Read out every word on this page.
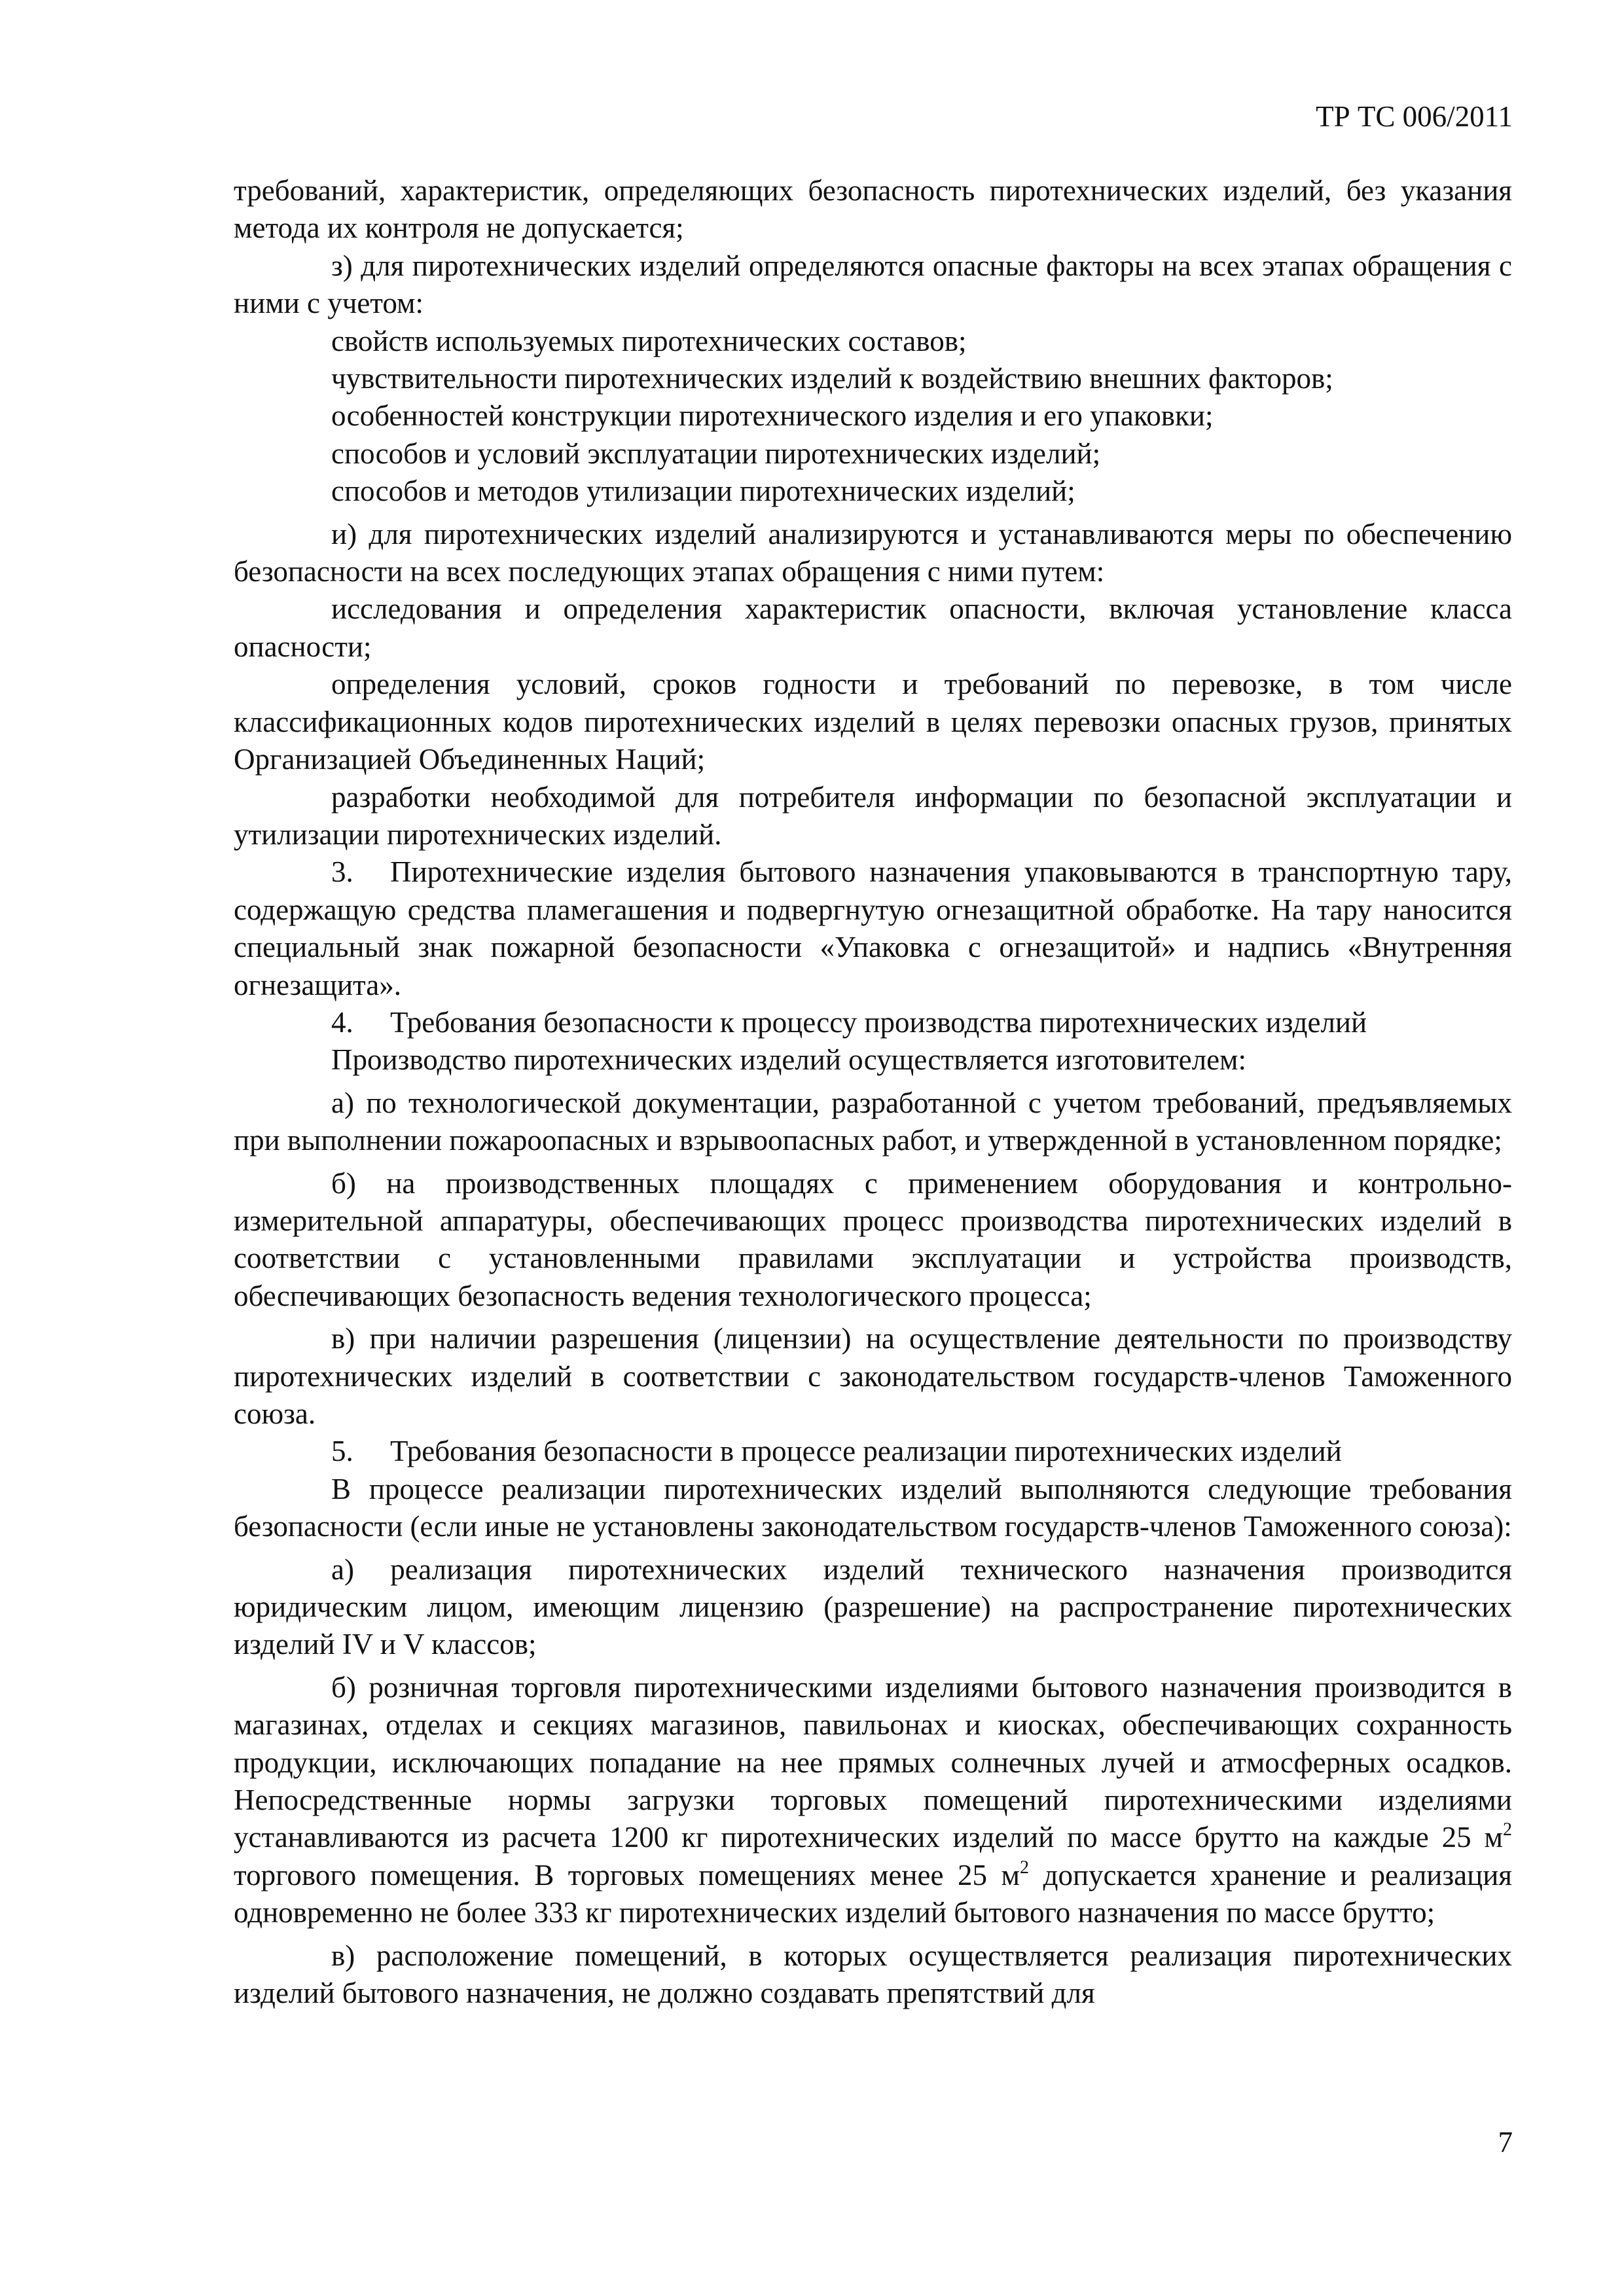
ТР ТС 006/2011

требований, характеристик, определяющих безопасность пиротехнических изделий, без указания метода их контроля не допускается;

з) для пиротехнических изделий определяются опасные факторы на всех этапах обращения с ними с учетом:

свойств используемых пиротехнических составов;

чувствительности пиротехнических изделий к воздействию внешних факторов;

особенностей конструкции пиротехнического изделия и его упаковки;

способов и условий эксплуатации пиротехнических изделий;

способов и методов утилизации пиротехнических изделий;

и) для пиротехнических изделий анализируются и устанавливаются меры по обеспечению безопасности на всех последующих этапах обращения с ними путем:

исследования и определения характеристик опасности, включая установление класса опасности;

определения условий, сроков годности и требований по перевозке, в том числе классификационных кодов пиротехнических изделий в целях перевозки опасных грузов, принятых Организацией Объединенных Наций;

разработки необходимой для потребителя информации по безопасной эксплуатации и утилизации пиротехнических изделий.

3. Пиротехнические изделия бытового назначения упаковываются в транспортную тару, содержащую средства пламегашения и подвергнутую огнезащитной обработке. На тару наносится специальный знак пожарной безопасности «Упаковка с огнезащитой» и надпись «Внутренняя огнезащита».

4. Требования безопасности к процессу производства пиротехнических изделий

Производство пиротехнических изделий осуществляется изготовителем:

а) по технологической документации, разработанной с учетом требований, предъявляемых при выполнении пожароопасных и взрывоопасных работ, и утвержденной в установленном порядке;

б) на производственных площадях с применением оборудования и контрольно-измерительной аппаратуры, обеспечивающих процесс производства пиротехнических изделий в соответствии с установленными правилами эксплуатации и устройства производств, обеспечивающих безопасность ведения технологического процесса;

в) при наличии разрешения (лицензии) на осуществление деятельности по производству пиротехнических изделий в соответствии с законодательством государств-членов Таможенного союза.

5. Требования безопасности в процессе реализации пиротехнических изделий

В процессе реализации пиротехнических изделий выполняются следующие требования безопасности (если иные не установлены законодательством государств-членов Таможенного союза):

а) реализация пиротехнических изделий технического назначения производится юридическим лицом, имеющим лицензию (разрешение) на распространение пиротехнических изделий IV и V классов;

б) розничная торговля пиротехническими изделиями бытового назначения производится в магазинах, отделах и секциях магазинов, павильонах и киосках, обеспечивающих сохранность продукции, исключающих попадание на нее прямых солнечных лучей и атмосферных осадков. Непосредственные нормы загрузки торговых помещений пиротехническими изделиями устанавливаются из расчета 1200 кг пиротехнических изделий по массе брутто на каждые 25 $м^2$ торгового помещения. В торговых помещениях менее 25 $м^2$ допускается хранение и реализация одновременно не более 333 кг пиротехнических изделий бытового назначения по массе брутто;

в) расположение помещений, в которых осуществляется реализация пиротехнических изделий бытового назначения, не должно создавать препятствий для

7
